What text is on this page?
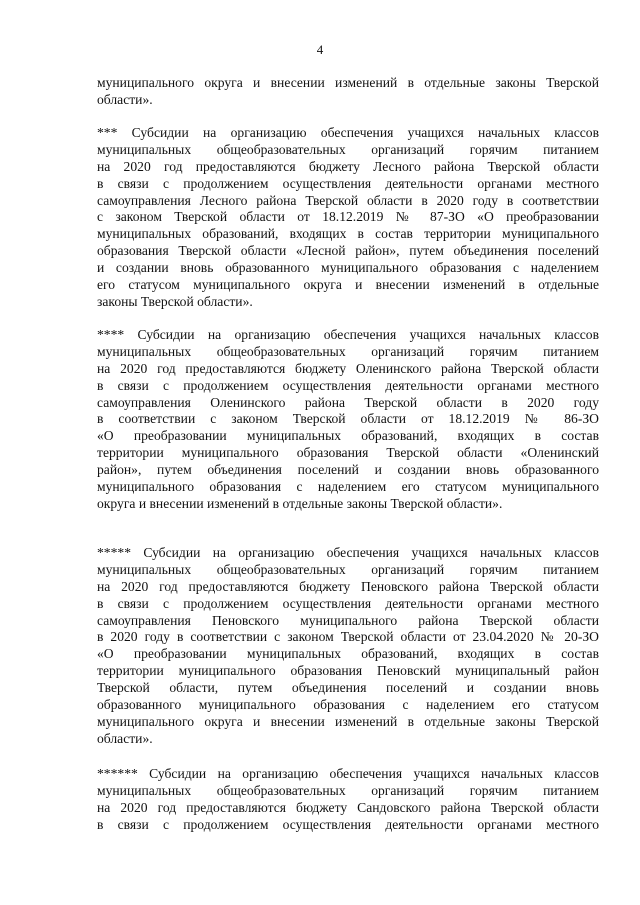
4
муниципального округа и внесении изменений в отдельные законы Тверской
области».
*** Субсидии на организацию обеспечения учащихся начальных классов
муниципальных общеобразовательных организаций горячим питанием
на 2020 год предоставляются бюджету Лесного района Тверской области
в связи с продолжением осуществления деятельности органами местного
самоуправления Лесного района Тверской области в 2020 году в соответствии
с законом Тверской области от 18.12.2019 № 87-ЗО «О преобразовании
муниципальных образований, входящих в состав территории муниципального
образования Тверской области «Лесной район», путем объединения поселений
и создании вновь образованного муниципального образования с наделением
его статусом муниципального округа и внесении изменений в отдельные
законы Тверской области».
**** Субсидии на организацию обеспечения учащихся начальных классов
муниципальных общеобразовательных организаций горячим питанием
на 2020 год предоставляются бюджету Оленинского района Тверской области
в связи с продолжением осуществления деятельности органами местного
самоуправления Оленинского района Тверской области в 2020 году
в соответствии с законом Тверской области от 18.12.2019 № 86-ЗО
«О преобразовании муниципальных образований, входящих в состав
территории муниципального образования Тверской области «Оленинский
район», путем объединения поселений и создании вновь образованного
муниципального образования с наделением его статусом муниципального
округа и внесении изменений в отдельные законы Тверской области».
***** Субсидии на организацию обеспечения учащихся начальных классов
муниципальных общеобразовательных организаций горячим питанием
на 2020 год предоставляются бюджету Пеновского района Тверской области
в связи с продолжением осуществления деятельности органами местного
самоуправления Пеновского муниципального района Тверской области
в 2020 году в соответствии с законом Тверской области от 23.04.2020 № 20-ЗО
«О преобразовании муниципальных образований, входящих в состав
территории муниципального образования Пеновский муниципальный район
Тверской области, путем объединения поселений и создании вновь
образованного муниципального образования с наделением его статусом
муниципального округа и внесении изменений в отдельные законы Тверской
области».
****** Субсидии на организацию обеспечения учащихся начальных классов
муниципальных общеобразовательных организаций горячим питанием
на 2020 год предоставляются бюджету Сандовского района Тверской области
в связи с продолжением осуществления деятельности органами местного
